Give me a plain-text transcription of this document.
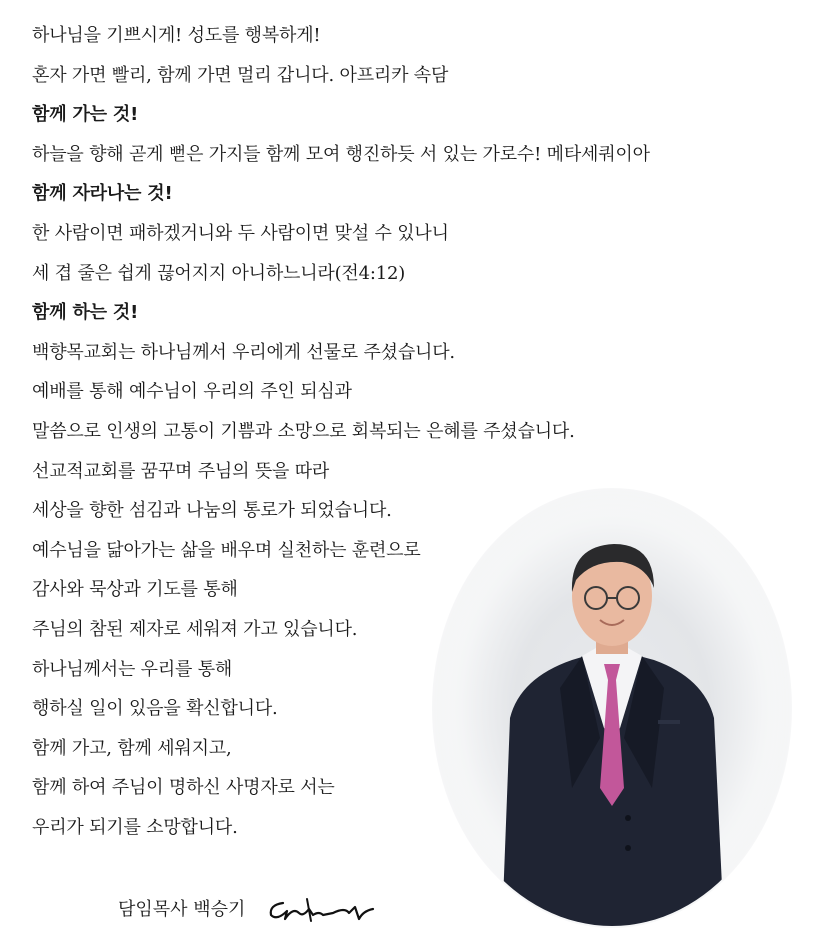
하나님을 기쁘시게! 성도를 행복하게!
혼자 가면 빨리, 함께 가면 멀리 갑니다. 아프리카 속담
함께 가는 것!
하늘을 향해 곧게 뻗은 가지들 함께 모여 행진하듯 서 있는 가로수! 메타세쿼이아
함께 자라나는 것!
한 사람이면 패하겠거니와 두 사람이면 맞설 수 있나니
세 겹 줄은 쉽게 끊어지지 아니하느니라(전4:12)
함께 하는 것!
백향목교회는 하나님께서 우리에게 선물로 주셨습니다.
예배를 통해 예수님이 우리의 주인 되심과
말씀으로 인생의 고통이 기쁨과 소망으로 회복되는 은혜를 주셨습니다.
선교적교회를 꿈꾸며 주님의 뜻을 따라
세상을 향한 섬김과 나눔의 통로가 되었습니다.
예수님을 닮아가는 삶을 배우며 실천하는 훈련으로
감사와 묵상과 기도를 통해
주님의 참된 제자로 세워져 가고 있습니다.
하나님께서는 우리를 통해
행하실 일이 있음을 확신합니다.
함께 가고, 함께 세워지고,
함께 하여 주님이 명하신 사명자로 서는
우리가 되기를 소망합니다.
담임목사 백승기
